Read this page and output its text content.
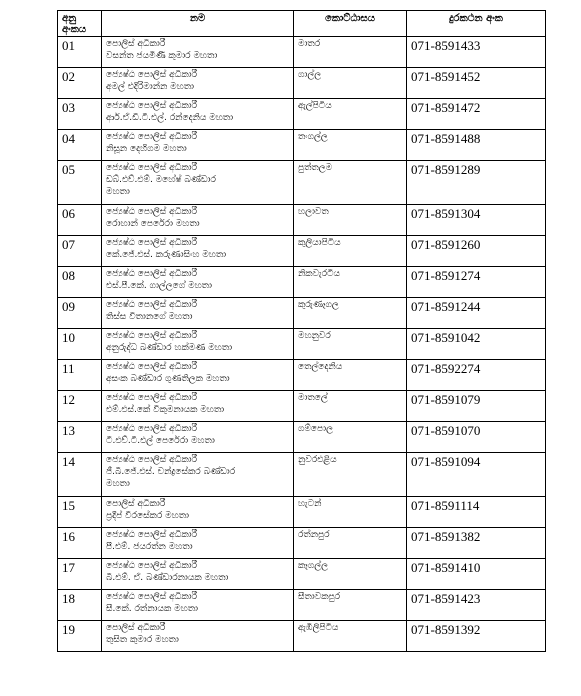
අනු අංකය	නම	කොට්ඨාසය	දුරකථන අංක
01	පොලිස් අධිකාරී
වසන්ත ජයමිණි කුමාර මහතා	මාතර	071-8591433
02	ජ්‍යෙෂ්ඨ පොලිස් අධිකාරී
අමල් එදිරිමාන්න මහතා	ගාල්ල	071-8591452
03	ජ්‍යෙෂ්ඨ පොලිස් අධිකාරී
ආර්.ඒ.ඩී.ටී.එල්. රන්දෙනිය මහතා	ඇල්පිටිය	071-8591472
04	ජ්‍යෙෂ්ඨ පොලිස් අධිකාරී
නිසූන දෙහිගම මහතා	තංගල්ල	071-8591488
05	ජ්‍යෙෂ්ඨ පොලිස් අධිකාරී
ඩබ්.එච්.එම්. මහේෂ් බණ්ඩාර
මහතා	පුත්තලම	071-8591289
06	ජ්‍යෙෂ්ඨ පොලිස් අධිකාරී
රොහාන් පෙරේරා මහතා	හලාවත	071-8591304
07	ජ්‍යෙෂ්ඨ පොලිස් අධිකාරී
කේ.ජේ.එස්. කරුණාසිංහ මහතා	කුලියාපිටිය	071-8591260
08	ජ්‍යෙෂ්ඨ පොලිස් අධිකාරී
එස්.පී.කේ. ගාල්ලගේ මහතා	නිකවැරටිය	071-8591274
09	ජ්‍යෙෂ්ඨ පොලිස් අධිකාරී
තිස්ස විතානගේ මහතා	කුරුණෑගල	071-8591244
10	ජ්‍යෙෂ්ඨ පොලිස් අධිකාරී
අනුරුද්ධ බණ්ඩාර හක්මණ මහතා	මහනුවර	071-8591042
11	ජ්‍යෙෂ්ඨ පොලිස් අධිකාරී
අසංක බණ්ඩාර ගුණතිලක මහතා	තෙල්දෙනිය	071-8592274
12	ජ්‍යෙෂ්ඨ පොලිස් අධිකාරී
එම්.එස්.කේ විකුමනායක මහතා	මාතලේ	071-8591079
13	ජ්‍යෙෂ්ඨ පොලිස් අධිකාරී
ටී.එච්.ටී.එල් පෙරේරා මහතා	ගම්පොල	071-8591070
14	ජ්‍යෙෂ්ඨ පොලිස් අධිකාරී
ජී.බී.ජේ.එස්. චන්ද්‍රසේකර බණ්ඩාර
මහතා	නුවරඑළිය	071-8591094
15	පොලිස් අධිකාරී
ප්‍රදීප් වීරසේකර මහතා	හැටන්	071-8591114
16	ජ්‍යෙෂ්ඨ පොලිස් අධිකාරී
පී.එම්. ජයරත්න මහතා	රත්නපුර	071-8591382
17	ජ්‍යෙෂ්ඨ පොලිස් අධිකාරී
බී.එම්. ඒ. බණ්ඩාරනායක මහතා	කෑගල්ල	071-8591410
18	ජ්‍යෙෂ්ඨ පොලිස් අධිකාරී
සී.කේ. රත්නායක මහතා	සීතාවකපුර	071-8591423
19	පොලිස් අධිකාරී
තුසිත කුමාර මහතා	ඇඹිලිපිටිය	071-8591392
